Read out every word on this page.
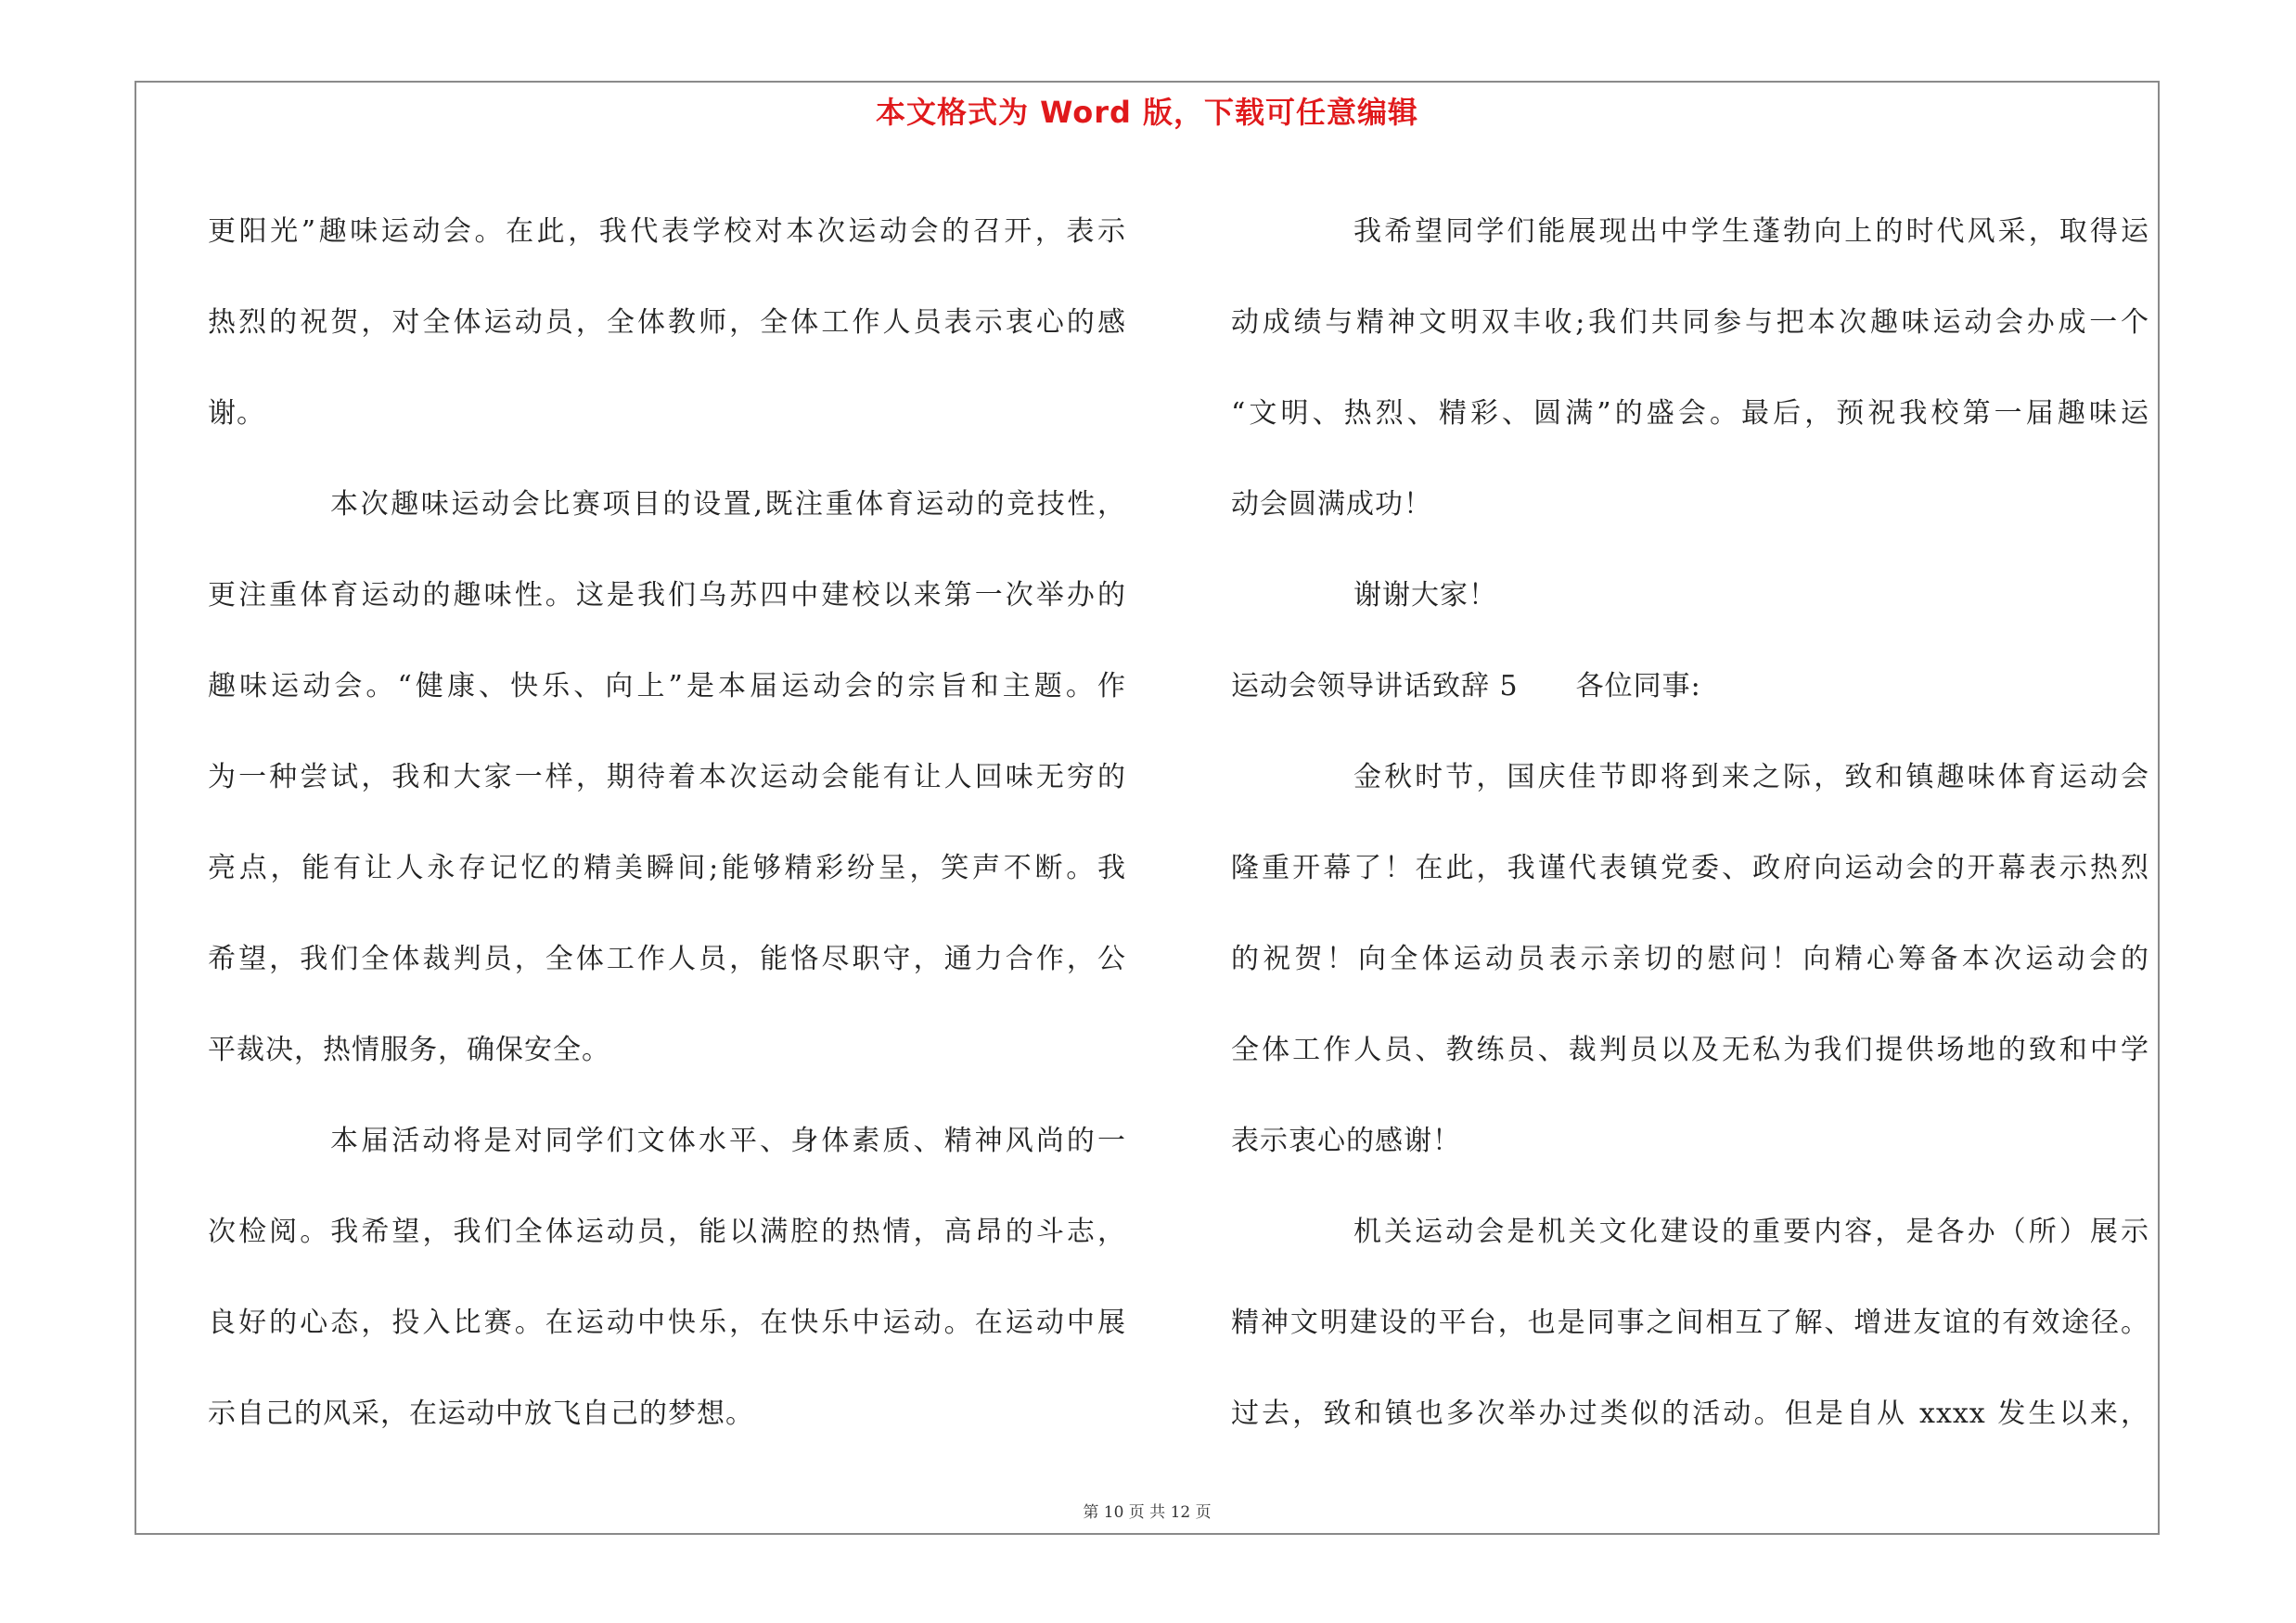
本文格式为 Word 版，下载可任意编辑
更阳光”趣味运动会。在此，我代表学校对本次运动会的召开，表示
热烈的祝贺，对全体运动员，全体教师，全体工作人员表示衷心的感
谢。
本次趣味运动会比赛项目的设置,既注重体育运动的竞技性，
更注重体育运动的趣味性。这是我们乌苏四中建校以来第一次举办的
趣味运动会。“健康、快乐、向上”是本届运动会的宗旨和主题。作
为一种尝试，我和大家一样，期待着本次运动会能有让人回味无穷的
亮点，能有让人永存记忆的精美瞬间;能够精彩纷呈，笑声不断。我
希望，我们全体裁判员，全体工作人员，能恪尽职守，通力合作，公
平裁决，热情服务，确保安全。
本届活动将是对同学们文体水平、身体素质、精神风尚的一
次检阅。我希望，我们全体运动员，能以满腔的热情，高昂的斗志，
良好的心态，投入比赛。在运动中快乐，在快乐中运动。在运动中展
示自己的风采，在运动中放飞自己的梦想。
我希望同学们能展现出中学生蓬勃向上的时代风采，取得运
动成绩与精神文明双丰收;我们共同参与把本次趣味运动会办成一个
“文明、热烈、精彩、圆满”的盛会。最后，预祝我校第一届趣味运
动会圆满成功！
谢谢大家！
运动会领导讲话致辞 5 各位同事:
金秋时节，国庆佳节即将到来之际，致和镇趣味体育运动会
隆重开幕了！在此，我谨代表镇党委、政府向运动会的开幕表示热烈
的祝贺！向全体运动员表示亲切的慰问！向精心筹备本次运动会的
全体工作人员、教练员、裁判员以及无私为我们提供场地的致和中学
表示衷心的感谢！
机关运动会是机关文化建设的重要内容，是各办（所）展示
精神文明建设的平台，也是同事之间相互了解、增进友谊的有效途径。
过去，致和镇也多次举办过类似的活动。但是自从 xxxx 发生以来，
第 10 页 共 12 页
